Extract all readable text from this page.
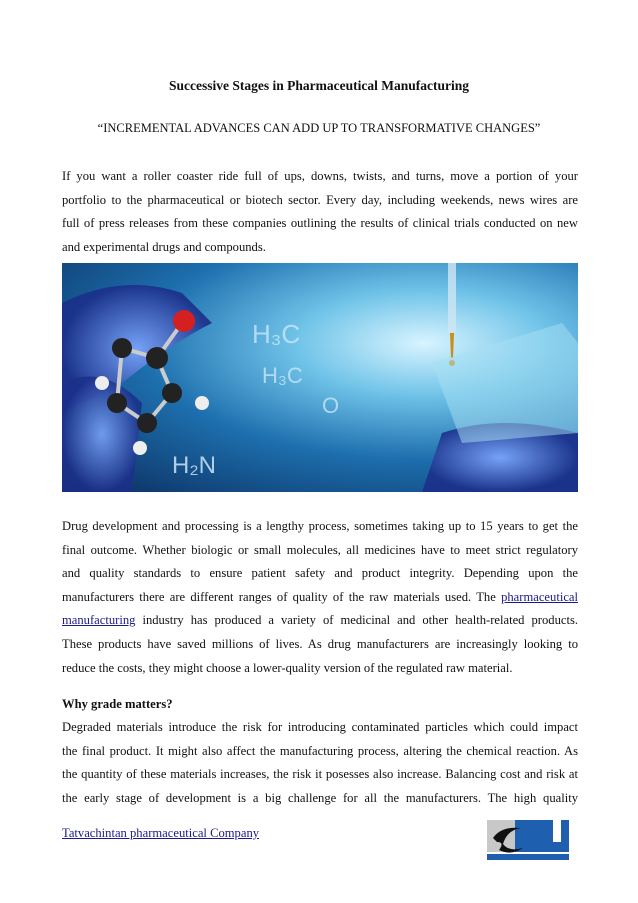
Successive Stages in Pharmaceutical Manufacturing
“INCREMENTAL ADVANCES CAN ADD UP TO TRANSFORMATIVE CHANGES”
If you want a roller coaster ride full of ups, downs, twists, and turns, move a portion of your
portfolio to the pharmaceutical or biotech sector. Every day, including weekends, news wires are
full of press releases from these companies outlining the results of clinical trials conducted on new
and experimental drugs and compounds.
H₃C
H₃C
O
H₂N
Drug development and processing is a lengthy process, sometimes taking up to 15 years to get the
final outcome. Whether biologic or small molecules, all medicines have to meet strict regulatory
and quality standards to ensure patient safety and product integrity. Depending upon the
manufacturers there are different ranges of quality of the raw materials used. The pharmaceutical
manufacturing industry has produced a variety of medicinal and other health-related products.
These products have saved millions of lives. As drug manufacturers are increasingly looking to
reduce the costs, they might choose a lower-quality version of the regulated raw material.
Why grade matters?
Degraded materials introduce the risk for introducing contaminated particles which could impact
the final product. It might also affect the manufacturing process, altering the chemical reaction. As
the quantity of these materials increases, the risk it posesses also increase. Balancing cost and risk at
the early stage of development is a big challenge for all the manufacturers. The high quality
Tatvachintan pharmaceutical Company
